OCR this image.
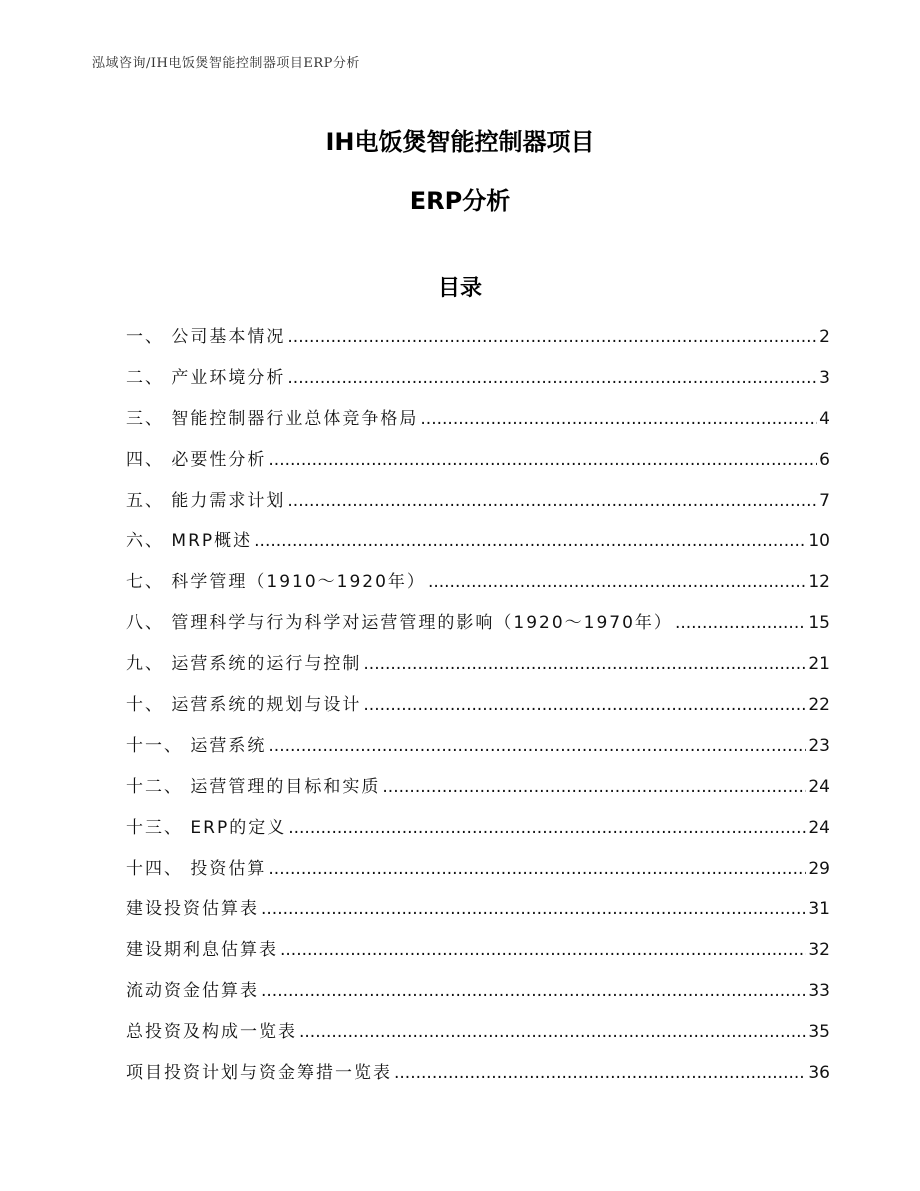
泓域咨询/IH电饭煲智能控制器项目ERP分析
IH电饭煲智能控制器项目
ERP分析
目录
一、 公司基本情况 .....	2
二、 产业环境分析 .....	3
三、 智能控制器行业总体竞争格局 .....	4
四、 必要性分析 .....	6
五、 能力需求计划 .....	7
六、 MRP概述 .....	10
七、 科学管理（1910～1920年） .....	12
八、 管理科学与行为科学对运营管理的影响（1920～1970年） .....	15
九、 运营系统的运行与控制 .....	21
十、 运营系统的规划与设计 .....	22
十一、 运营系统 .....	23
十二、 运营管理的目标和实质 .....	24
十三、 ERP的定义 .....	24
十四、 投资估算 .....	29
建设投资估算表 .....	31
建设期利息估算表 .....	32
流动资金估算表 .....	33
总投资及构成一览表 .....	35
项目投资计划与资金筹措一览表 .....	36
